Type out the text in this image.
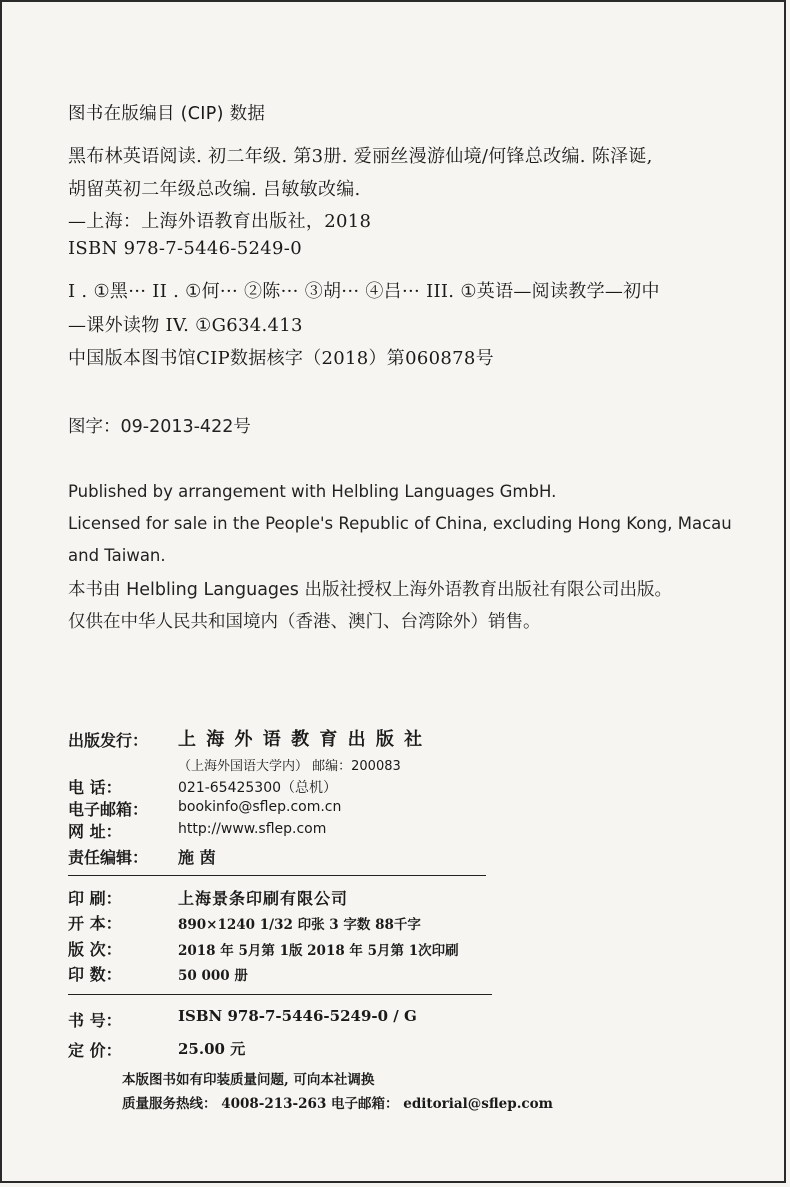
图书在版编目 (CIP) 数据
黑布林英语阅读. 初二年级. 第3册. 爱丽丝漫游仙境/何锋总改编. 陈泽诞,
胡留英初二年级总改编. 吕敏敏改编.
—上海：上海外语教育出版社，2018
ISBN 978-7-5446-5249-0
I . ①黑··· II . ①何··· ②陈··· ③胡··· ④吕··· III. ①英语—阅读教学—初中
—课外读物 IV. ①G634.413
中国版本图书馆CIP数据核字（2018）第060878号
图字：09-2013-422号
Published by arrangement with Helbling Languages GmbH.
Licensed for sale in the People's Republic of China, excluding Hong Kong, Macau
and Taiwan.
本书由 Helbling Languages 出版社授权上海外语教育出版社有限公司出版。
仅供在中华人民共和国境内（香港、澳门、台湾除外）销售。
出版发行： 上 海 外 语 教 育 出 版 社
（上海外国语大学内） 邮编：200083
电 话：	021-65425300（总机）
电子邮箱： bookinfo@sflep.com.cn
网 址：	http://www.sflep.com
责任编辑： 施 茵
印 刷：	上海景条印刷有限公司
开 本：	890×1240 1/32 印张 3 字数 88千字
版 次：	2018 年 5月第 1版 2018 年 5月第 1次印刷
印 数：	50 000 册
书 号：	ISBN 978-7-5446-5249-0 / G
定 价：	25.00 元
本版图书如有印装质量问题, 可向本社调换
质量服务热线： 4008-213-263 电子邮箱： editorial@sflep.com
